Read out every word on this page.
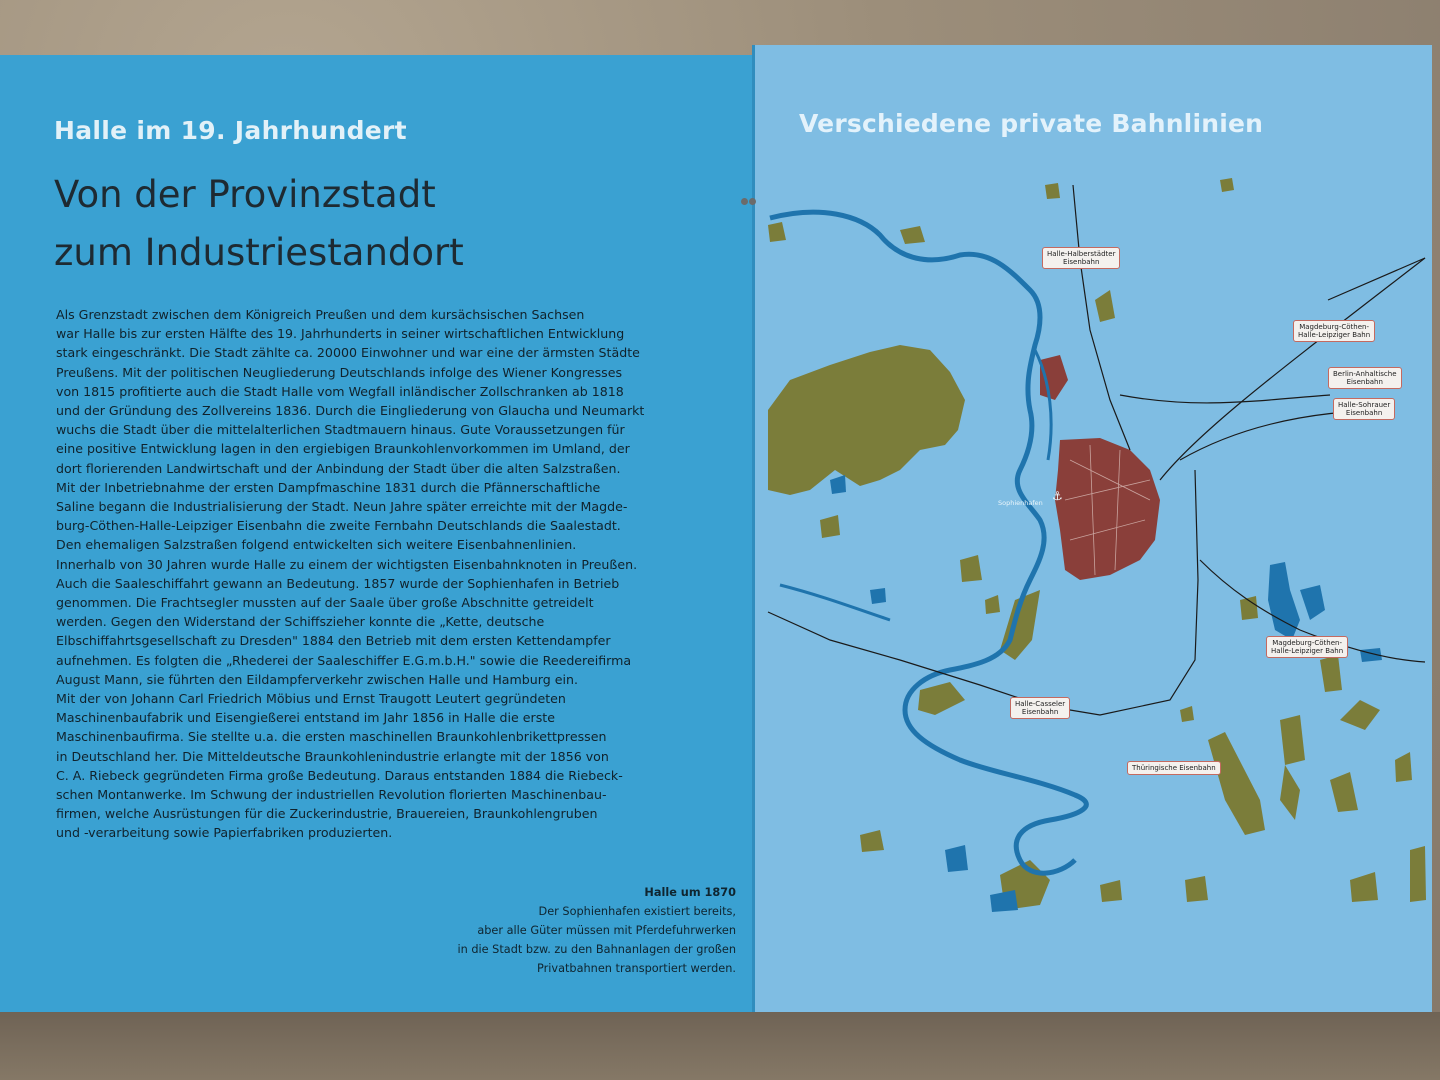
Halle im 19. Jahrhundert
Von der Provinzstadt
zum Industriestandort
Als Grenzstadt zwischen dem Königreich Preußen und dem kursächsischen Sachsen
war Halle bis zur ersten Hälfte des 19. Jahrhunderts in seiner wirtschaftlichen Entwicklung
stark eingeschränkt. Die Stadt zählte ca. 20000 Einwohner und war eine der ärmsten Städte
Preußens. Mit der politischen Neugliederung Deutschlands infolge des Wiener Kongresses
von 1815 profitierte auch die Stadt Halle vom Wegfall inländischer Zollschranken ab 1818
und der Gründung des Zollvereins 1836. Durch die Eingliederung von Glaucha und Neumarkt
wuchs die Stadt über die mittelalterlichen Stadtmauern hinaus. Gute Voraussetzungen für
eine positive Entwicklung lagen in den ergiebigen Braunkohlenvorkommen im Umland, der
dort florierenden Landwirtschaft und der Anbindung der Stadt über die alten Salzstraßen.
Mit der Inbetriebnahme der ersten Dampfmaschine 1831 durch die Pfännerschaftliche
Saline begann die Industrialisierung der Stadt. Neun Jahre später erreichte mit der Magde-
burg-Cöthen-Halle-Leipziger Eisenbahn die zweite Fernbahn Deutschlands die Saalestadt.
Den ehemaligen Salzstraßen folgend entwickelten sich weitere Eisenbahnenlinien.
Innerhalb von 30 Jahren wurde Halle zu einem der wichtigsten Eisenbahnknoten in Preußen.
Auch die Saaleschiffahrt gewann an Bedeutung. 1857 wurde der Sophienhafen in Betrieb
genommen. Die Frachtsegler mussten auf der Saale über große Abschnitte getreidelt
werden. Gegen den Widerstand der Schiffszieher konnte die „Kette, deutsche
Elbschiffahrtsgesellschaft zu Dresden" 1884 den Betrieb mit dem ersten Kettendampfer
aufnehmen. Es folgten die „Rhederei der Saaleschiffer E.G.m.b.H." sowie die Reedereifirma
August Mann, sie führten den Eildampferverkehr zwischen Halle und Hamburg ein.
Mit der von Johann Carl Friedrich Möbius und Ernst Traugott Leutert gegründeten
Maschinenbaufabrik und Eisengießerei entstand im Jahr 1856 in Halle die erste
Maschinenbaufirma. Sie stellte u.a. die ersten maschinellen Braunkohlenbrikettpressen
in Deutschland her. Die Mitteldeutsche Braunkohlenindustrie erlangte mit der 1856 von
C. A. Riebeck gegründeten Firma große Bedeutung. Daraus entstanden 1884 die Riebeck-
schen Montanwerke. Im Schwung der industriellen Revolution florierten Maschinenbau-
firmen, welche Ausrüstungen für die Zuckerindustrie, Brauereien, Braunkohlengruben
und -verarbeitung sowie Papierfabriken produzierten.
Halle um 1870
Der Sophienhafen existiert bereits,
aber alle Güter müssen mit Pferdefuhrwerken
in die Stadt bzw. zu den Bahnanlagen der großen
Privatbahnen transportiert werden.
Verschiedene private Bahnlinien
⚓
Sophienhafen
Halle-Halberstädter
Eisenbahn
Magdeburg-Cöthen-
Halle-Leipziger Bahn
Berlin-Anhaltische
Eisenbahn
Halle-Sohrauer
Eisenbahn
Magdeburg-Cöthen-
Halle-Leipziger Bahn
Halle-Casseler
Eisenbahn
Thüringische Eisenbahn
